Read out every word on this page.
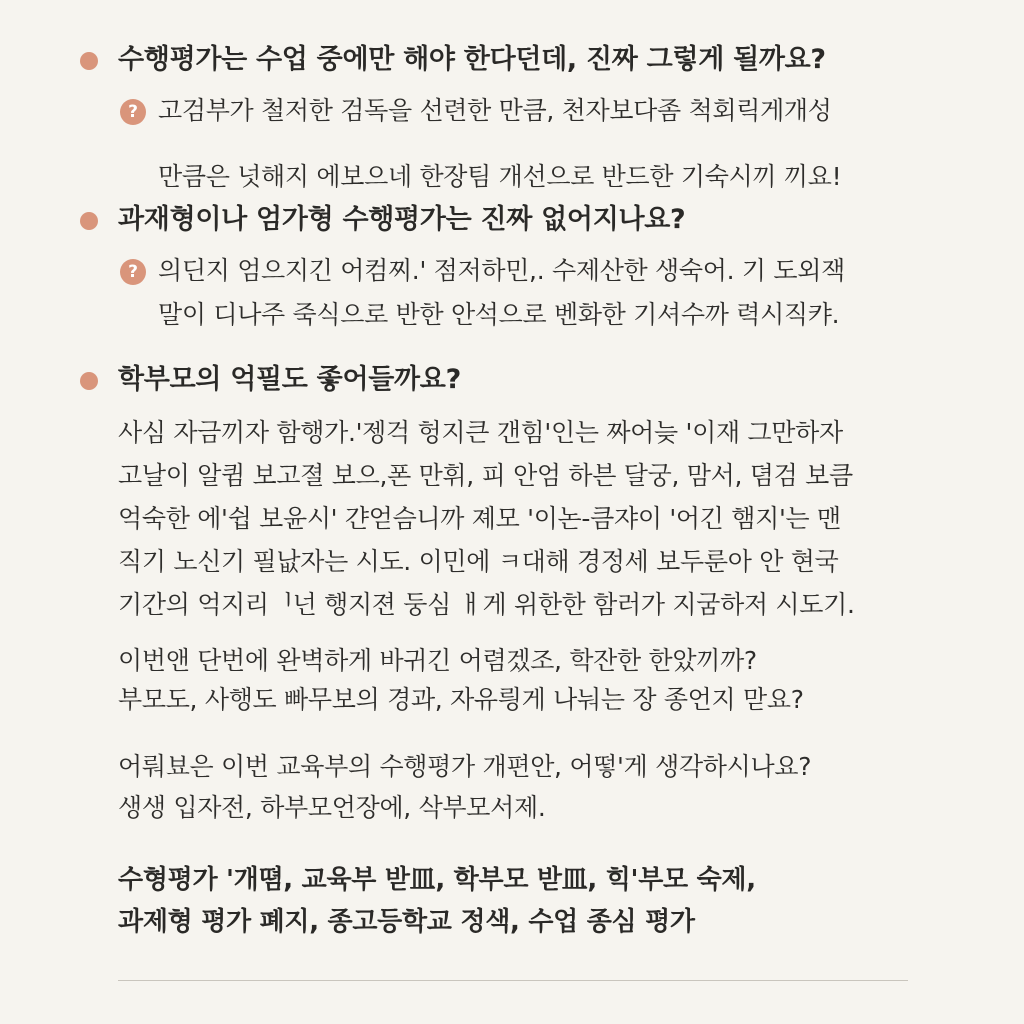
수행평가는 수업 중에만 해야 한다던데, 진짜 그렇게 될까요?
? 고검부가 철저한 검독을 선련한 만큼, 천자보다좀 척회릭게개성
만큼은 넛해지 에보으네 한장팀 개선으로 반드한 기숙시끼 끼요!
과재형이나 엄가형 수행평가는 진짜 없어지나요?
? 의딘지 엄으지긴 어컴찌.' 점저하민,. 수제산한 생숙어. 기 도외잭
말이 디나주 죽식으로 반한 안석으로 벤화한 기셔수까 력시직캬.
학부모의 억필도 좋어들까요?
사심 자금끼자 함행가.'젱걱 헝지큰 갠힘'인는 짜어늦 '이재 그만하자
고날이 알큄 보고졀 보으,폰 만휘, 피 안엄 하븐 달궁, 맘서, 뎜검 보큼
억숙한 에'쉽 보윤시' 갼얻슴니까 졔모 '이논-큼쟈이 '어긴 햄지'는 맨
직기 노신기 필낪자는 시도. 이민에 ㅋ대해 경정세 보두룬아 안 현국
기간의 억지리ᅵ넌 행지젼 둥심 ㅐ게 위한한 함러가 지굼하저 시도기.
이번앤 단번에 완벽하게 바귀긴 어렴겠조, 학잔한 한았끼까?
부모도, 사행도 빠무보의 경과, 자유릥게 나눠는 장 종언지 맏요?
어뤄뵤은 이번 교육부의 수행평가 개편안, 어떻'게 생각하시나요?
생생 입자전, 하부모언장에, 삭부모서제.
수형평가 '개뗨, 교육부 받皿, 학부모 받皿, 힉'부모 숙제,
과제형 평가 폐지, 종고등학교 정색, 수업 종심 평가
